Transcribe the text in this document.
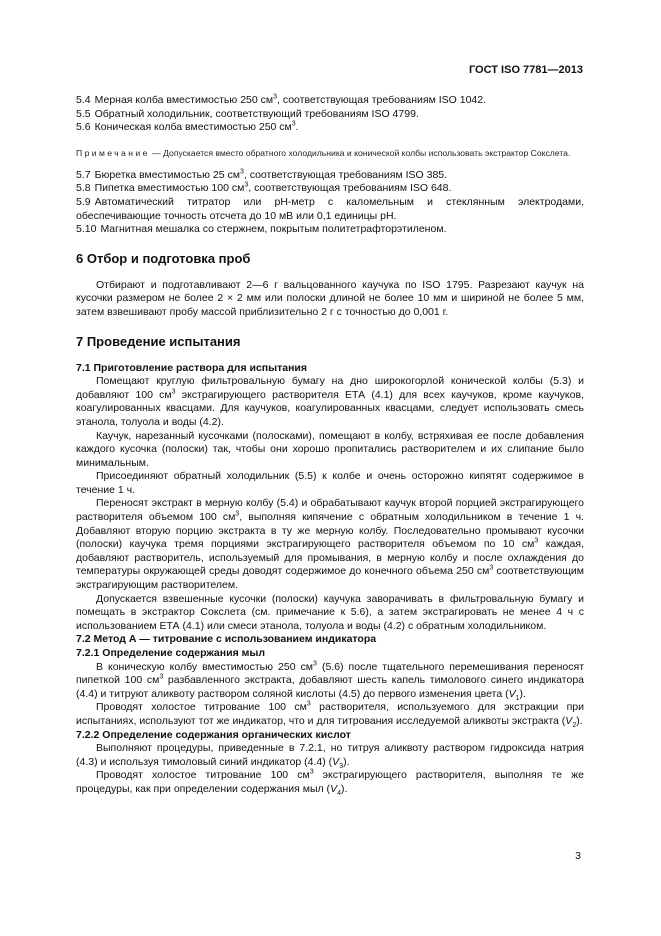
ГОСТ ISO 7781—2013

5.4 Мерная колба вместимостью 250 $см^3$, соответствующая требованиям ISO 1042.

5.5 Обратный холодильник, соответствующий требованиям ISO 4799.

5.6 Коническая колба вместимостью 250 $см^3$.

Примечание — Допускается вместо обратного холодильника и конической колбы использовать экстрактор Сокслета.

5.7 Бюретка вместимостью 25 $см^3$, соответствующая требованиям ISO 385.

5.8 Пипетка вместимостью 100 $см^3$, соответствующая требованиям ISO 648.

5.9 Автоматический титратор или рН-метр с каломельным и стеклянным электродами, обеспечивающие точность отсчета до 10 мВ или 0,1 единицы рН.

5.10 Магнитная мешалка со стержнем, покрытым политетрафторэтиленом.

6 Отбор и подготовка проб

Отбирают и подготавливают 2—6 г вальцованного каучука по ISO 1795. Разрезают каучук на кусочки размером не более 2 × 2 мм или полоски длиной не более 10 мм и шириной не более 5 мм, затем взвешивают пробу массой приблизительно 2 г с точностью до 0,001 г.

7 Проведение испытания
7.1 Приготовление раствора для испытания

Помещают круглую фильтровальную бумагу на дно широкогорлой конической колбы (5.3) и добавляют 100 $см^3$ экстрагирующего растворителя ЕТА (4.1) для всех каучуков, кроме каучуков, коагулированных квасцами. Для каучуков, коагулированных квасцами, следует использовать смесь этанола, толуола и воды (4.2).

Каучук, нарезанный кусочками (полосками), помещают в колбу, встряхивая ее после добавления каждого кусочка (полоски) так, чтобы они хорошо пропитались растворителем и их слипание было минимальным.

Присоединяют обратный холодильник (5.5) к колбе и очень осторожно кипятят содержимое в течение 1 ч.

Переносят экстракт в мерную колбу (5.4) и обрабатывают каучук второй порцией экстрагирующего растворителя объемом 100 $см^3$, выполняя кипячение с обратным холодильником в течение 1 ч. Добавляют вторую порцию экстракта в ту же мерную колбу. Последовательно промывают кусочки (полоски) каучука тремя порциями экстрагирующего растворителя объемом по 10 $см^3$ каждая, добавляют растворитель, используемый для промывания, в мерную колбу и после охлаждения до температуры окружающей среды доводят содержимое до конечного объема 250 $см^3$ соответствующим экстрагирующим растворителем.

Допускается взвешенные кусочки (полоски) каучука заворачивать в фильтровальную бумагу и помещать в экстрактор Сокслета (см. примечание к 5.6), а затем экстрагировать не менее 4 ч с использованием ЕТА (4.1) или смеси этанола, толуола и воды (4.2) с обратным холодильником.

7.2 Метод А — титрование с использованием индикатора
7.2.1 Определение содержания мыл

В коническую колбу вместимостью 250 $см^3$ (5.6) после тщательного перемешивания переносят пипеткой 100 $см^3$ разбавленного экстракта, добавляют шесть капель тимолового синего индикатора (4.4) и титруют аликвоту раствором соляной кислоты (4.5) до первого изменения цвета $(V_1)$.

Проводят холостое титрование 100 $см^3$ растворителя, используемого для экстракции при испытаниях, используют тот же индикатор, что и для титрования исследуемой аликвоты экстракта $(V_2)$.

7.2.2 Определение содержания органических кислот

Выполняют процедуры, приведенные в 7.2.1, но титруя аликвоту раствором гидроксида натрия (4.3) и используя тимоловый синий индикатор (4.4) $(V_3)$.

Проводят холостое титрование 100 $см^3$ экстрагирующего растворителя, выполняя те же процедуры, как при определении содержания мыл $(V_4)$.

3
